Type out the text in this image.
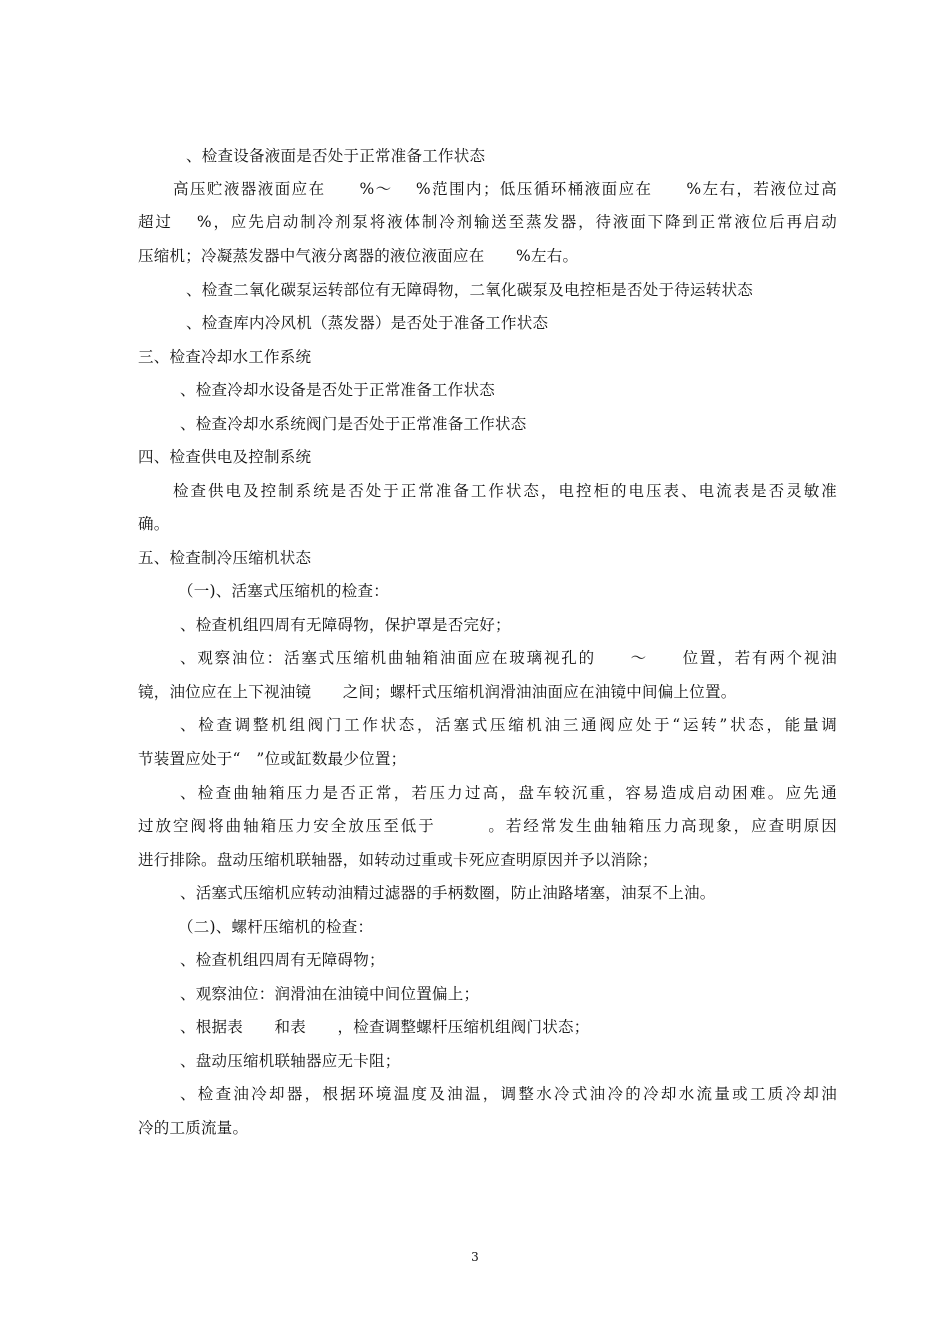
、检查设备液面是否处于正常准备工作状态
高压贮液器液面应在　　%～　 %范围内；低压循环桶液面应在　　%左右，若液位过高
超过　 %，应先启动制冷剂泵将液体制冷剂输送至蒸发器，待液面下降到正常液位后再启动
压缩机；冷凝蒸发器中气液分离器的液位液面应在　　%左右。
、检查二氧化碳泵运转部位有无障碍物，二氧化碳泵及电控柜是否处于待运转状态
、检查库内冷风机（蒸发器）是否处于准备工作状态
三、检查冷却水工作系统
、检查冷却水设备是否处于正常准备工作状态
、检查冷却水系统阀门是否处于正常准备工作状态
四、检查供电及控制系统
检查供电及控制系统是否处于正常准备工作状态，电控柜的电压表、电流表是否灵敏准
确。
五、检查制冷压缩机状态
（一)、活塞式压缩机的检查：
、检查机组四周有无障碍物，保护罩是否完好；
、观察油位：活塞式压缩机曲轴箱油面应在玻璃视孔的　　～　　位置，若有两个视油
镜，油位应在上下视油镜　　之间；螺杆式压缩机润滑油油面应在油镜中间偏上位置。
、检查调整机组阀门工作状态，活塞式压缩机油三通阀应处于“运转”状态，能量调
节装置应处于“　”位或缸数最少位置；
、检查曲轴箱压力是否正常，若压力过高，盘车较沉重，容易造成启动困难。应先通
过放空阀将曲轴箱压力安全放压至低于　　　。若经常发生曲轴箱压力高现象，应查明原因
进行排除。盘动压缩机联轴器，如转动过重或卡死应查明原因并予以消除；
、活塞式压缩机应转动油精过滤器的手柄数圈，防止油路堵塞，油泵不上油。
（二)、螺杆压缩机的检查：
、检查机组四周有无障碍物；
、观察油位：润滑油在油镜中间位置偏上；
、根据表　　和表　　，检查调整螺杆压缩机组阀门状态；
、盘动压缩机联轴器应无卡阻；
、检查油冷却器，根据环境温度及油温，调整水冷式油冷的冷却水流量或工质冷却油
冷的工质流量。
3
